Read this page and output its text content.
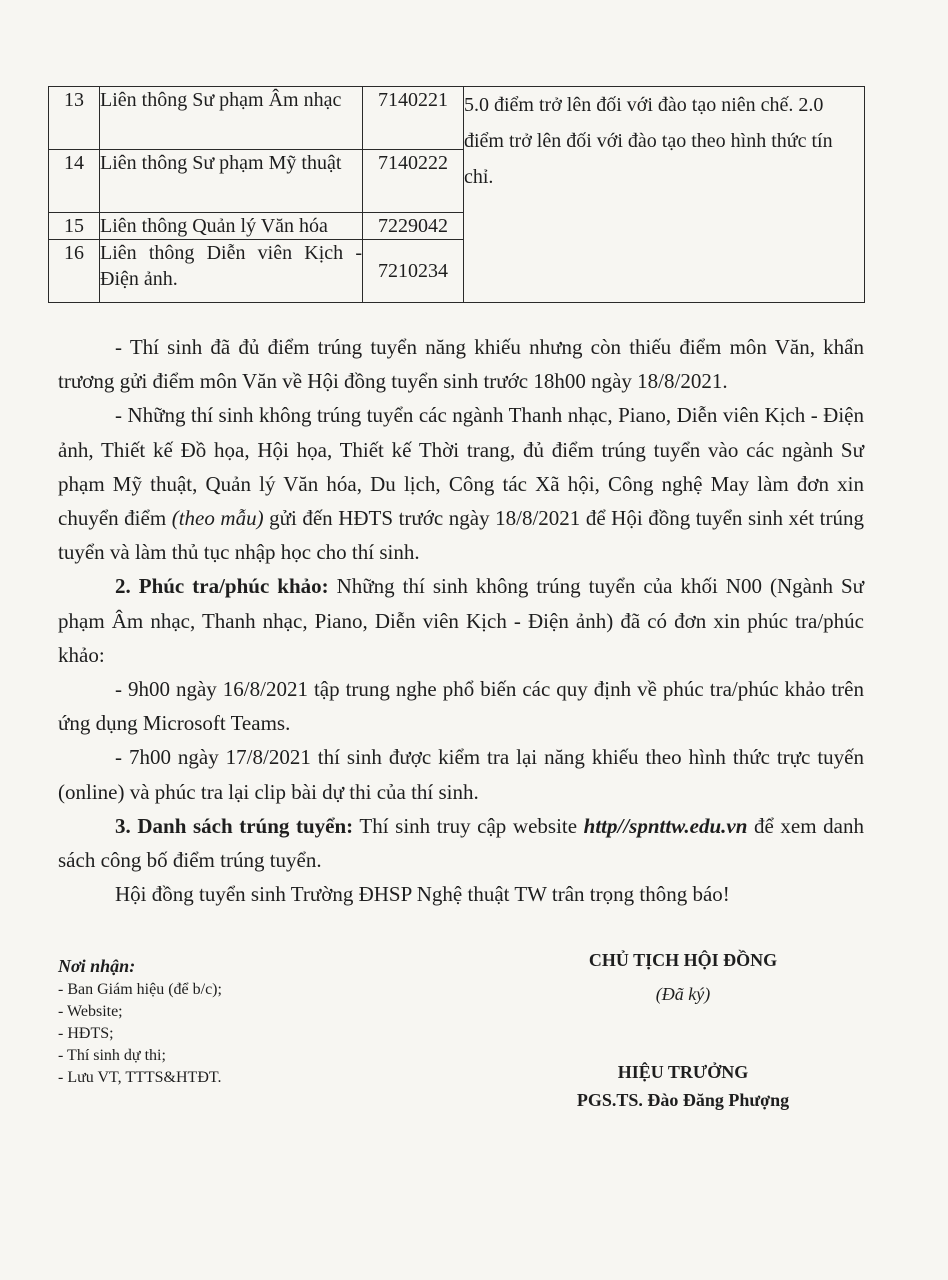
13	Liên thông Sư phạm Âm nhạc	7140221	5.0 điểm trở lên đối với đào tạo niên chế. 2.0 điểm trở lên đối với đào tạo theo hình thức tín chỉ.
14	Liên thông Sư phạm Mỹ thuật	7140222	
15	Liên thông Quản lý Văn hóa	7229042	
16	Liên thông Diễn viên Kịch - Điện ảnh.	7210234	

- Thí sinh đã đủ điểm trúng tuyển năng khiếu nhưng còn thiếu điểm môn Văn, khẩn trương gửi điểm môn Văn về Hội đồng tuyển sinh trước 18h00 ngày 18/8/2021.

- Những thí sinh không trúng tuyển các ngành Thanh nhạc, Piano, Diễn viên Kịch - Điện ảnh, Thiết kế Đồ họa, Hội họa, Thiết kế Thời trang, đủ điểm trúng tuyển vào các ngành Sư phạm Mỹ thuật, Quản lý Văn hóa, Du lịch, Công tác Xã hội, Công nghệ May làm đơn xin chuyển điểm (theo mẫu) gửi đến HĐTS trước ngày 18/8/2021 để Hội đồng tuyển sinh xét trúng tuyển và làm thủ tục nhập học cho thí sinh.

2. Phúc tra/phúc khảo: Những thí sinh không trúng tuyển của khối N00 (Ngành Sư phạm Âm nhạc, Thanh nhạc, Piano, Diễn viên Kịch - Điện ảnh) đã có đơn xin phúc tra/phúc khảo:

- 9h00 ngày 16/8/2021 tập trung nghe phổ biến các quy định về phúc tra/phúc khảo trên ứng dụng Microsoft Teams.

- 7h00 ngày 17/8/2021 thí sinh được kiểm tra lại năng khiếu theo hình thức trực tuyến (online) và phúc tra lại clip bài dự thi của thí sinh.

3. Danh sách trúng tuyển: Thí sinh truy cập website http//spnttw.edu.vn để xem danh sách công bố điểm trúng tuyển.

Hội đồng tuyển sinh Trường ĐHSP Nghệ thuật TW trân trọng thông báo!

Nơi nhận:
- Ban Giám hiệu (để b/c);
- Website;
- HĐTS;
- Thí sinh dự thi;
- Lưu VT, TTTS&HTĐT.
CHỦ TỊCH HỘI ĐỒNG
(Đã ký)
HIỆU TRƯỞNG
PGS.TS. Đào Đăng Phượng
